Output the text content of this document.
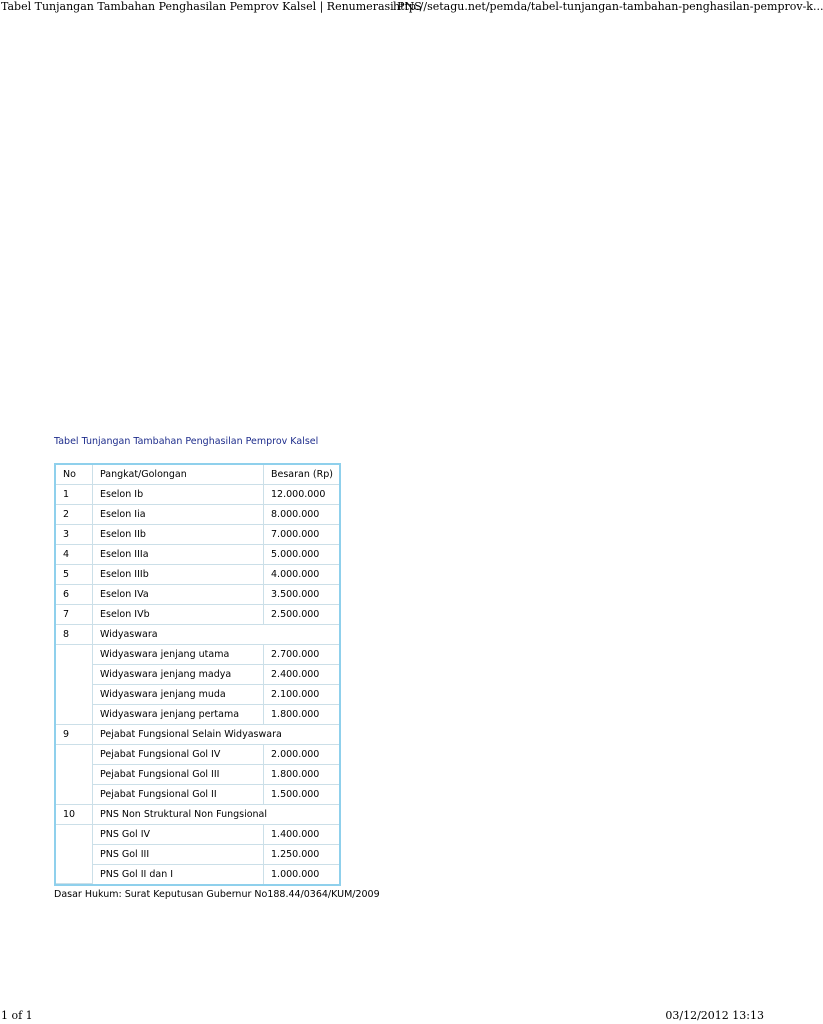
Tabel Tunjangan Tambahan Penghasilan Pemprov Kalsel | Renumerasi PNS
http://setagu.net/pemda/tabel-tunjangan-tambahan-penghasilan-pemprov-k...
Tabel Tunjangan Tambahan Penghasilan Pemprov Kalsel
No	Pangkat/Golongan	Besaran (Rp)
1	Eselon Ib	12.000.000
2	Eselon Iia	8.000.000
3	Eselon IIb	7.000.000
4	Eselon IIIa	5.000.000
5	Eselon IIIb	4.000.000
6	Eselon IVa	3.500.000
7	Eselon IVb	2.500.000
8	Widyaswara	
	Widyaswara jenjang utama	2.700.000
	Widyaswara jenjang madya	2.400.000
	Widyaswara jenjang muda	2.100.000
	Widyaswara jenjang pertama	1.800.000
9	Pejabat Fungsional Selain Widyaswara	
	Pejabat Fungsional Gol IV	2.000.000
	Pejabat Fungsional Gol III	1.800.000
	Pejabat Fungsional Gol II	1.500.000
10	PNS Non Struktural Non Fungsional	
	PNS Gol IV	1.400.000
	PNS Gol III	1.250.000
	PNS Gol II dan I	1.000.000
Dasar Hukum: Surat Keputusan Gubernur No188.44/0364/KUM/2009
1 of 1	03/12/2012 13:13
